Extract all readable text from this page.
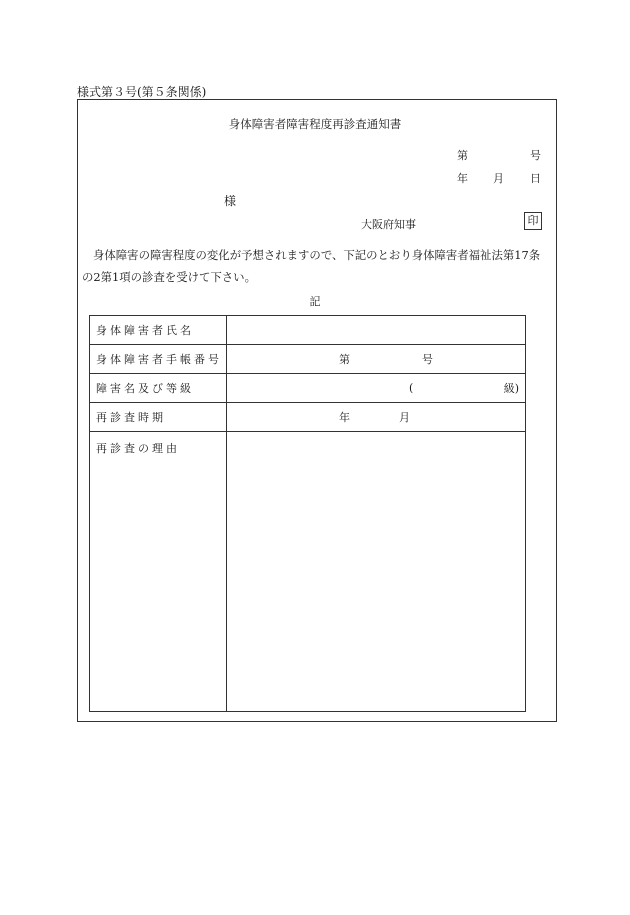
様式第３号(第５条関係)
身体障害者障害程度再診査通知書
第	号
年 月 日
様
大阪府知事	印
身体障害の障害程度の変化が予想されますので、下記のとおり身体障害者福祉法第17条の2第1項の診査を受けて下さい。
記
身体障害者氏名	
身体障害者手帳番号	第 号

障害名及び等級	( 級)

再診査時期	年 月

再診査の理由	
